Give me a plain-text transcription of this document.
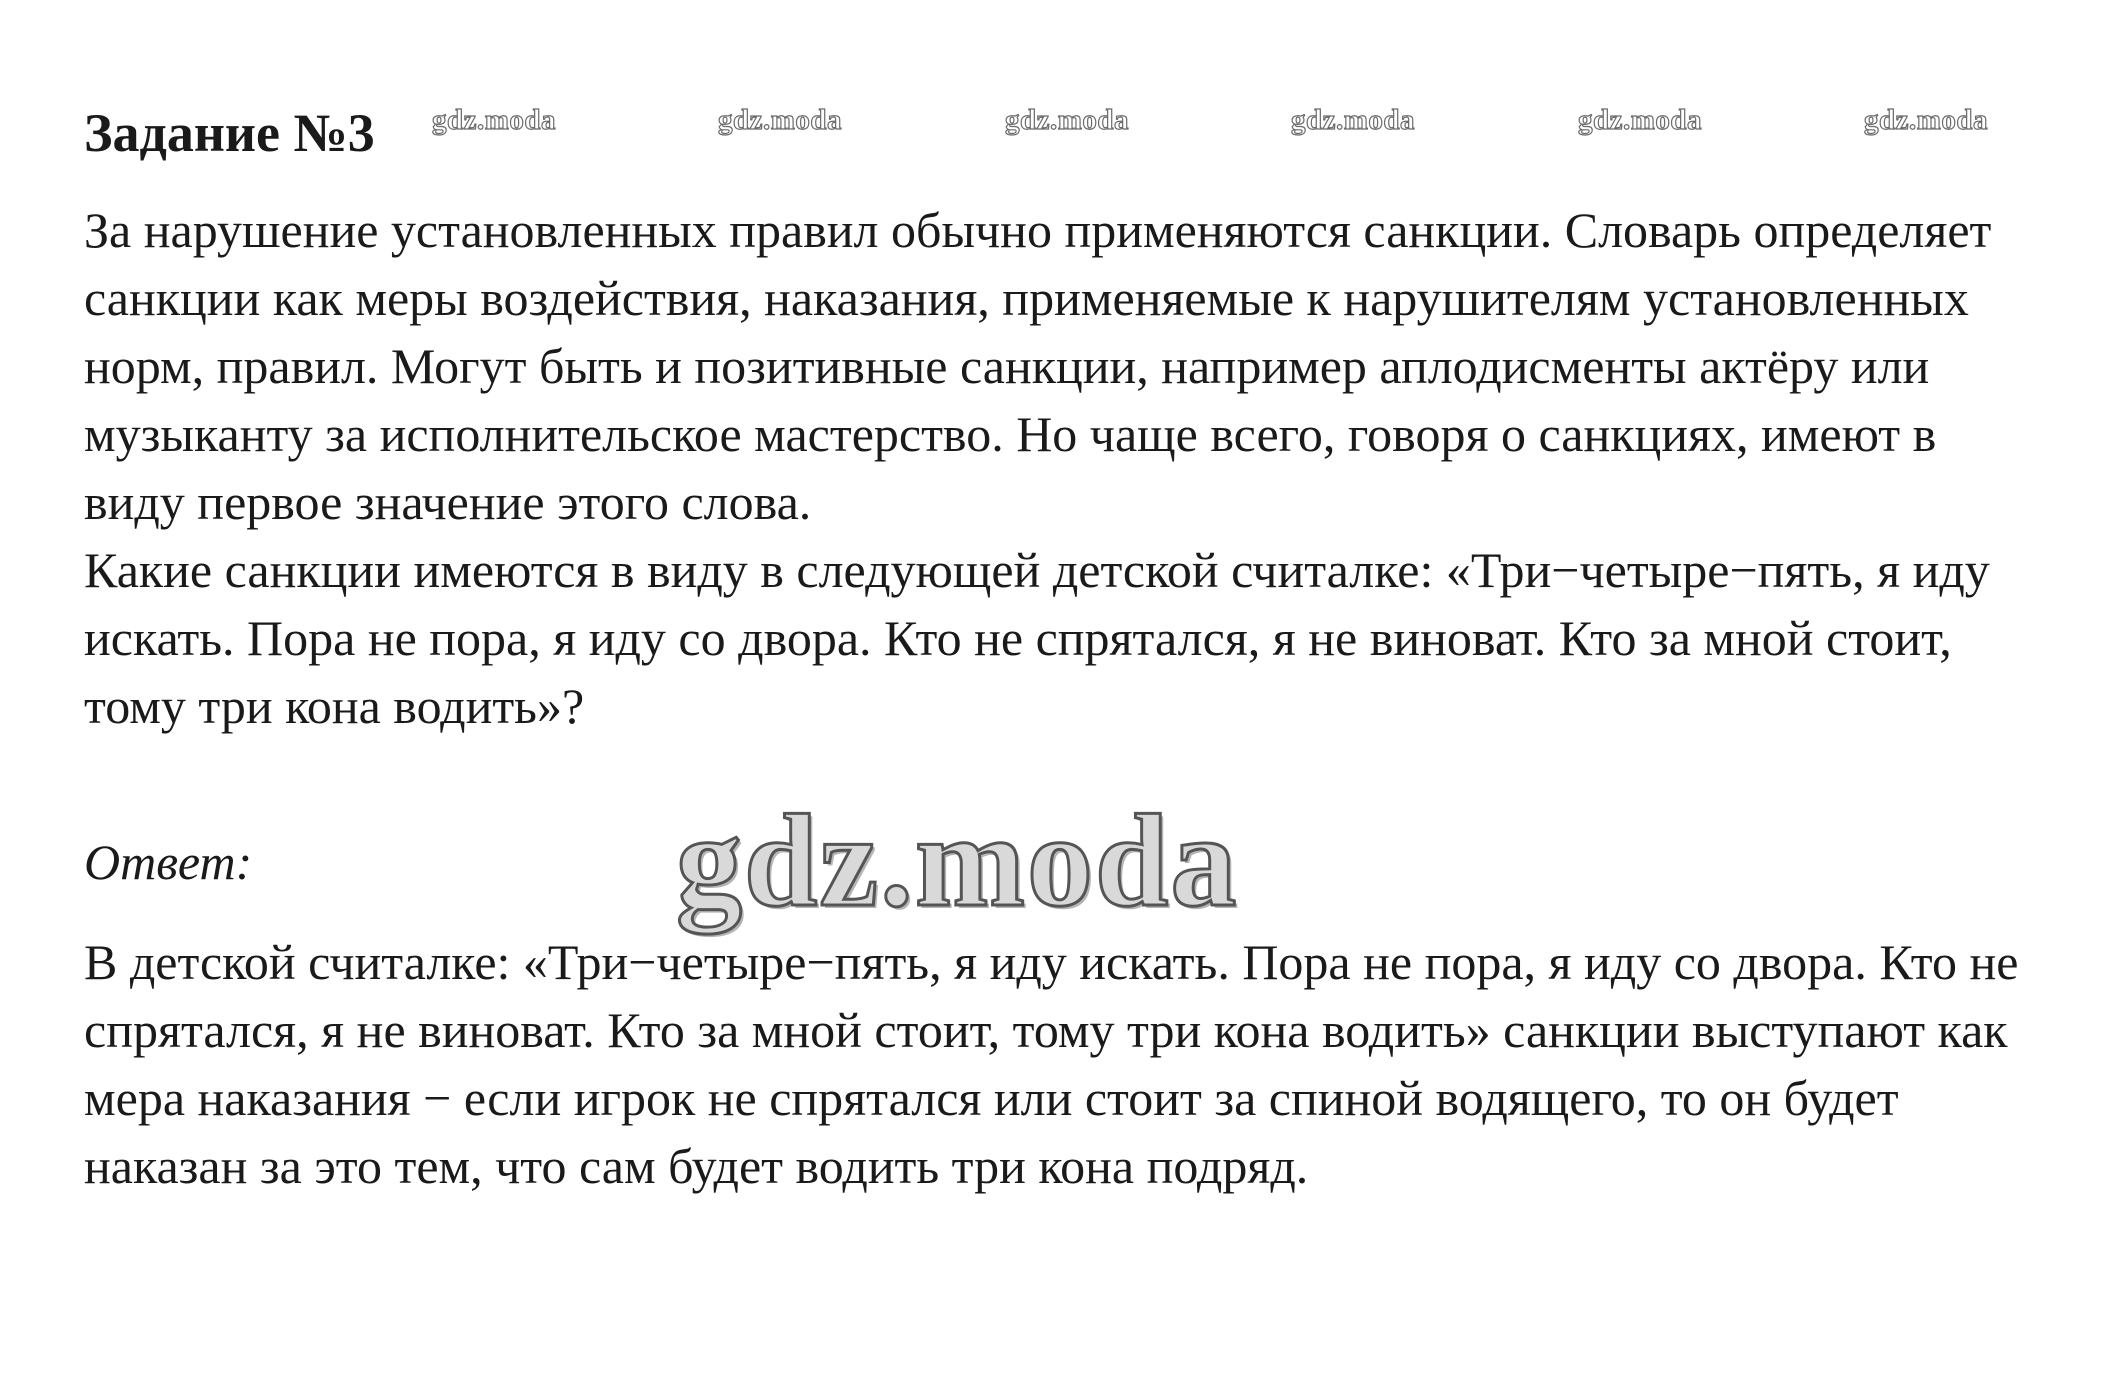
Задание №3 gdz.moda	gdz.moda	gdz.moda	gdz.moda	gdz.moda	gdz.moda

За нарушение установленных правил обычно применяются санкции. Словарь определяет санкции как меры воздействия, наказания, применяемые к нарушителям установленных норм, правил. Могут быть и позитивные санкции, например аплодисменты актёру или музыканту за исполнительское мастерство. Но чаще всего, говоря о санкциях, имеют в виду первое значение этого слова.

Какие санкции имеются в виду в следующей детской считалке: «Три−четыре−пять, я иду искать. Пора не пора, я иду со двора. Кто не спрятался, я не виноват. Кто за мной стоит, тому три кона водить»?

Ответ:	gdz.moda

В детской считалке: «Три−четыре−пять, я иду искать. Пора не пора, я иду со двора. Кто не спрятался, я не виноват. Кто за мной стоит, тому три кона водить» санкции выступают как мера наказания − если игрок не спрятался или стоит за спиной водящего, то он будет наказан за это тем, что сам будет водить три кона подряд.
